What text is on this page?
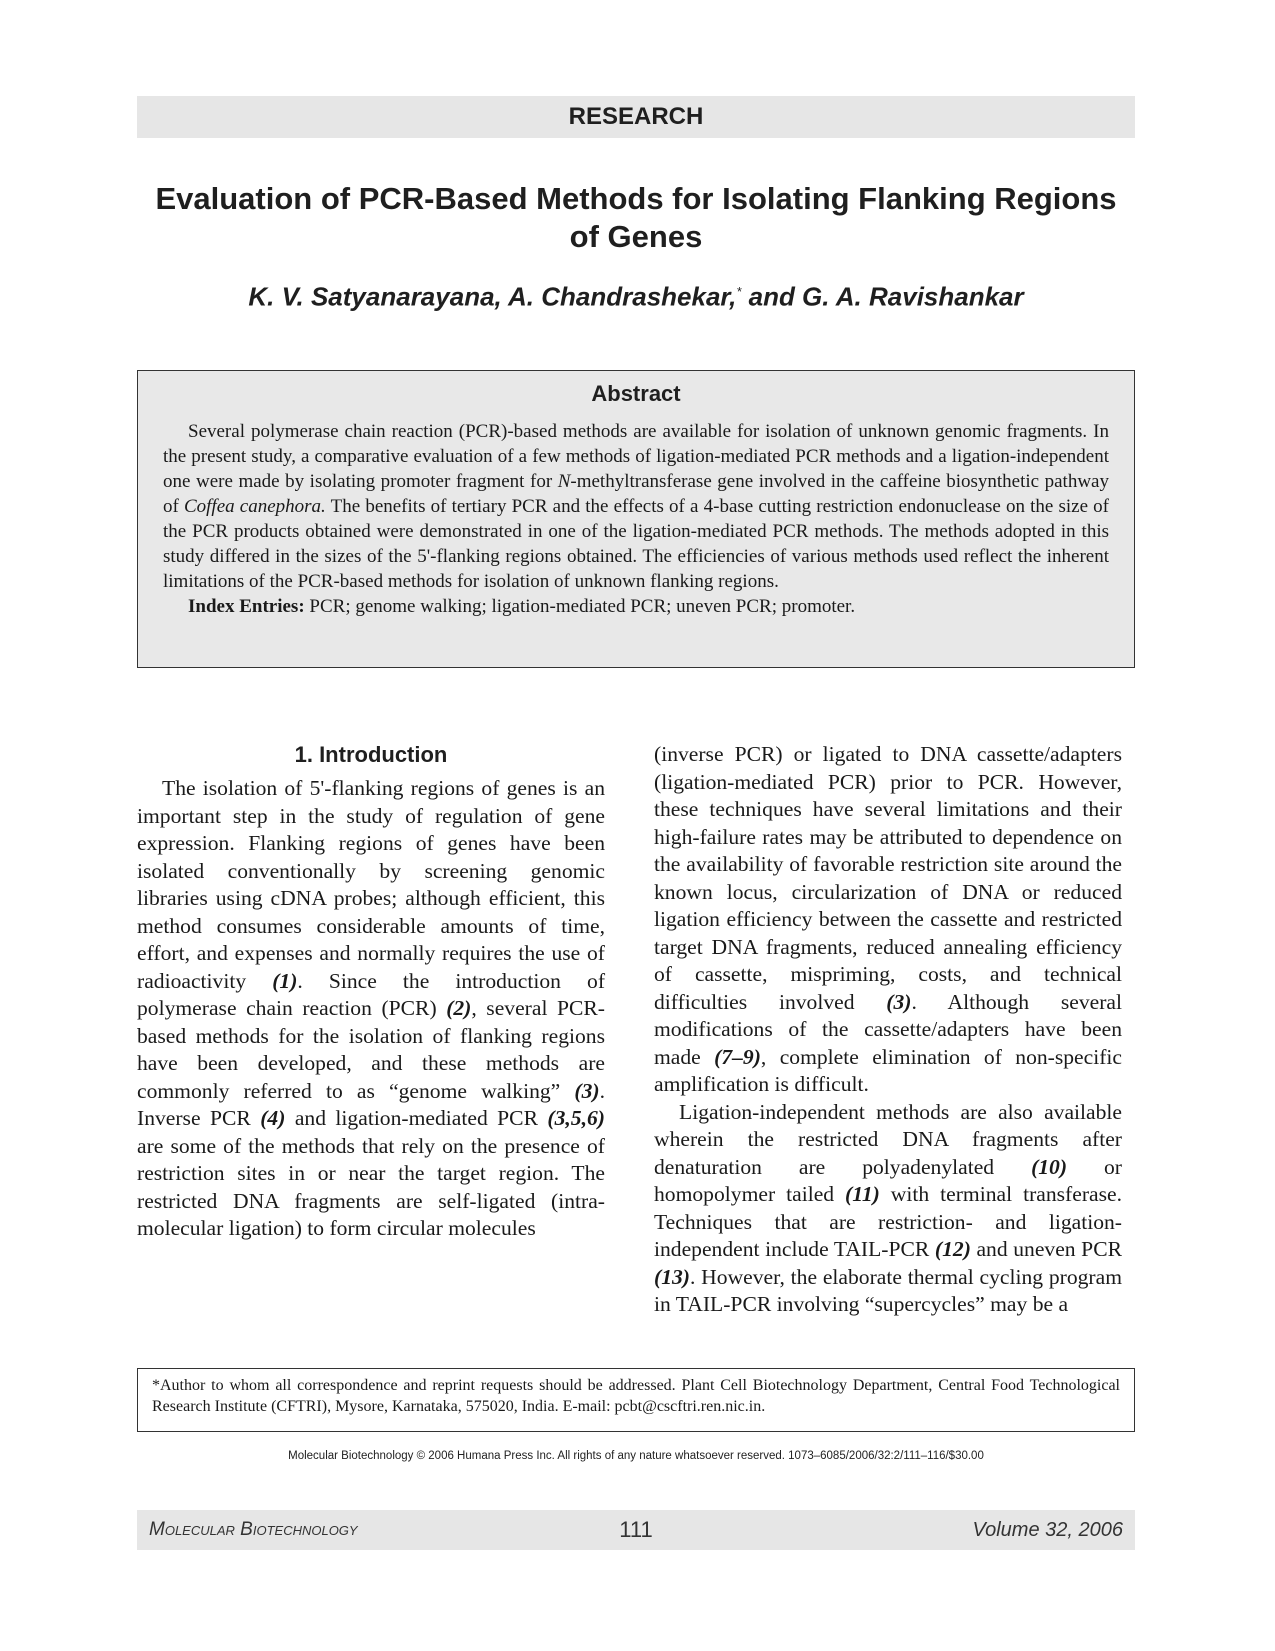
RESEARCH
Evaluation of PCR-Based Methods for Isolating Flanking Regions of Genes
K. V. Satyanarayana, A. Chandrashekar,* and G. A. Ravishankar
Abstract

Several polymerase chain reaction (PCR)-based methods are available for isolation of unknown genomic fragments. In the present study, a comparative evaluation of a few methods of ligation-mediated PCR methods and a ligation-independent one were made by isolating promoter fragment for N-methyltransferase gene involved in the caffeine biosynthetic pathway of Coffea canephora. The benefits of tertiary PCR and the effects of a 4-base cutting restriction endonuclease on the size of the PCR products obtained were demonstrated in one of the ligation-mediated PCR methods. The methods adopted in this study differed in the sizes of the 5'-flanking regions obtained. The efficiencies of various methods used reflect the inherent limitations of the PCR-based methods for isolation of unknown flanking regions.

Index Entries: PCR; genome walking; ligation-mediated PCR; uneven PCR; promoter.

1. Introduction

The isolation of 5'-flanking regions of genes is an important step in the study of regulation of gene expression. Flanking regions of genes have been isolated conventionally by screening genomic libraries using cDNA probes; although efficient, this method consumes considerable amounts of time, effort, and expenses and normally requires the use of radioactivity (1). Since the introduction of polymerase chain reaction (PCR) (2), several PCR-based methods for the isolation of flanking regions have been developed, and these methods are commonly referred to as “genome walking” (3). Inverse PCR (4) and ligation-mediated PCR (3,5,6) are some of the methods that rely on the presence of restriction sites in or near the target region. The restricted DNA fragments are self-ligated (intra-molecular ligation) to form circular molecules

(inverse PCR) or ligated to DNA cassette/adapters (ligation-mediated PCR) prior to PCR. However, these techniques have several limitations and their high-failure rates may be attributed to dependence on the availability of favorable restriction site around the known locus, circularization of DNA or reduced ligation efficiency between the cassette and restricted target DNA fragments, reduced annealing efficiency of cassette, mispriming, costs, and technical difficulties involved (3). Although several modifications of the cassette/adapters have been made (7–9), complete elimination of non-specific amplification is difficult.

Ligation-independent methods are also available wherein the restricted DNA fragments after denaturation are polyadenylated (10) or homopolymer tailed (11) with terminal transferase. Techniques that are restriction- and ligation-independent include TAIL-PCR (12) and uneven PCR (13). However, the elaborate thermal cycling program in TAIL-PCR involving “supercycles” may be a

*Author to whom all correspondence and reprint requests should be addressed. Plant Cell Biotechnology Department, Central Food Technological Research Institute (CFTRI), Mysore, Karnataka, 575020, India. E-mail: pcbt@cscftri.ren.nic.in.
Molecular Biotechnology © 2006 Humana Press Inc. All rights of any nature whatsoever reserved. 1073–6085/2006/32:2/111–116/$30.00
Molecular Biotechnology	111	Volume 32, 2006
